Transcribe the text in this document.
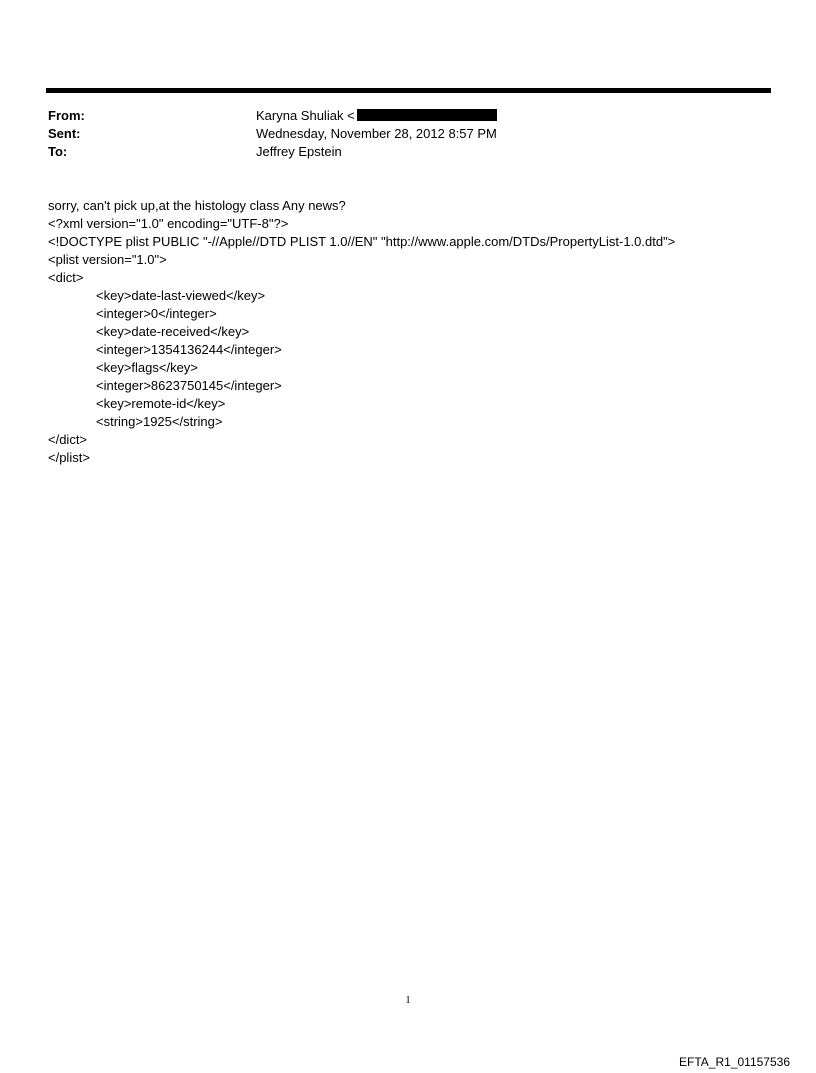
From:	Karyna Shuliak <
Sent:	Wednesday, November 28, 2012 8:57 PM
To:	Jeffrey Epstein
sorry, can't pick up,at the histology class Any news?
<?xml version="1.0" encoding="UTF-8"?>
<!DOCTYPE plist PUBLIC "-//Apple//DTD PLIST 1.0//EN" "http://www.apple.com/DTDs/PropertyList-1.0.dtd">
<plist version="1.0">
<dict>
<key>date-last-viewed</key>
<integer>0</integer>
<key>date-received</key>
<integer>1354136244</integer>
<key>flags</key>
<integer>8623750145</integer>
<key>remote-id</key>
<string>1925</string>
</dict>
</plist>
1
EFTA_R1_01157536
